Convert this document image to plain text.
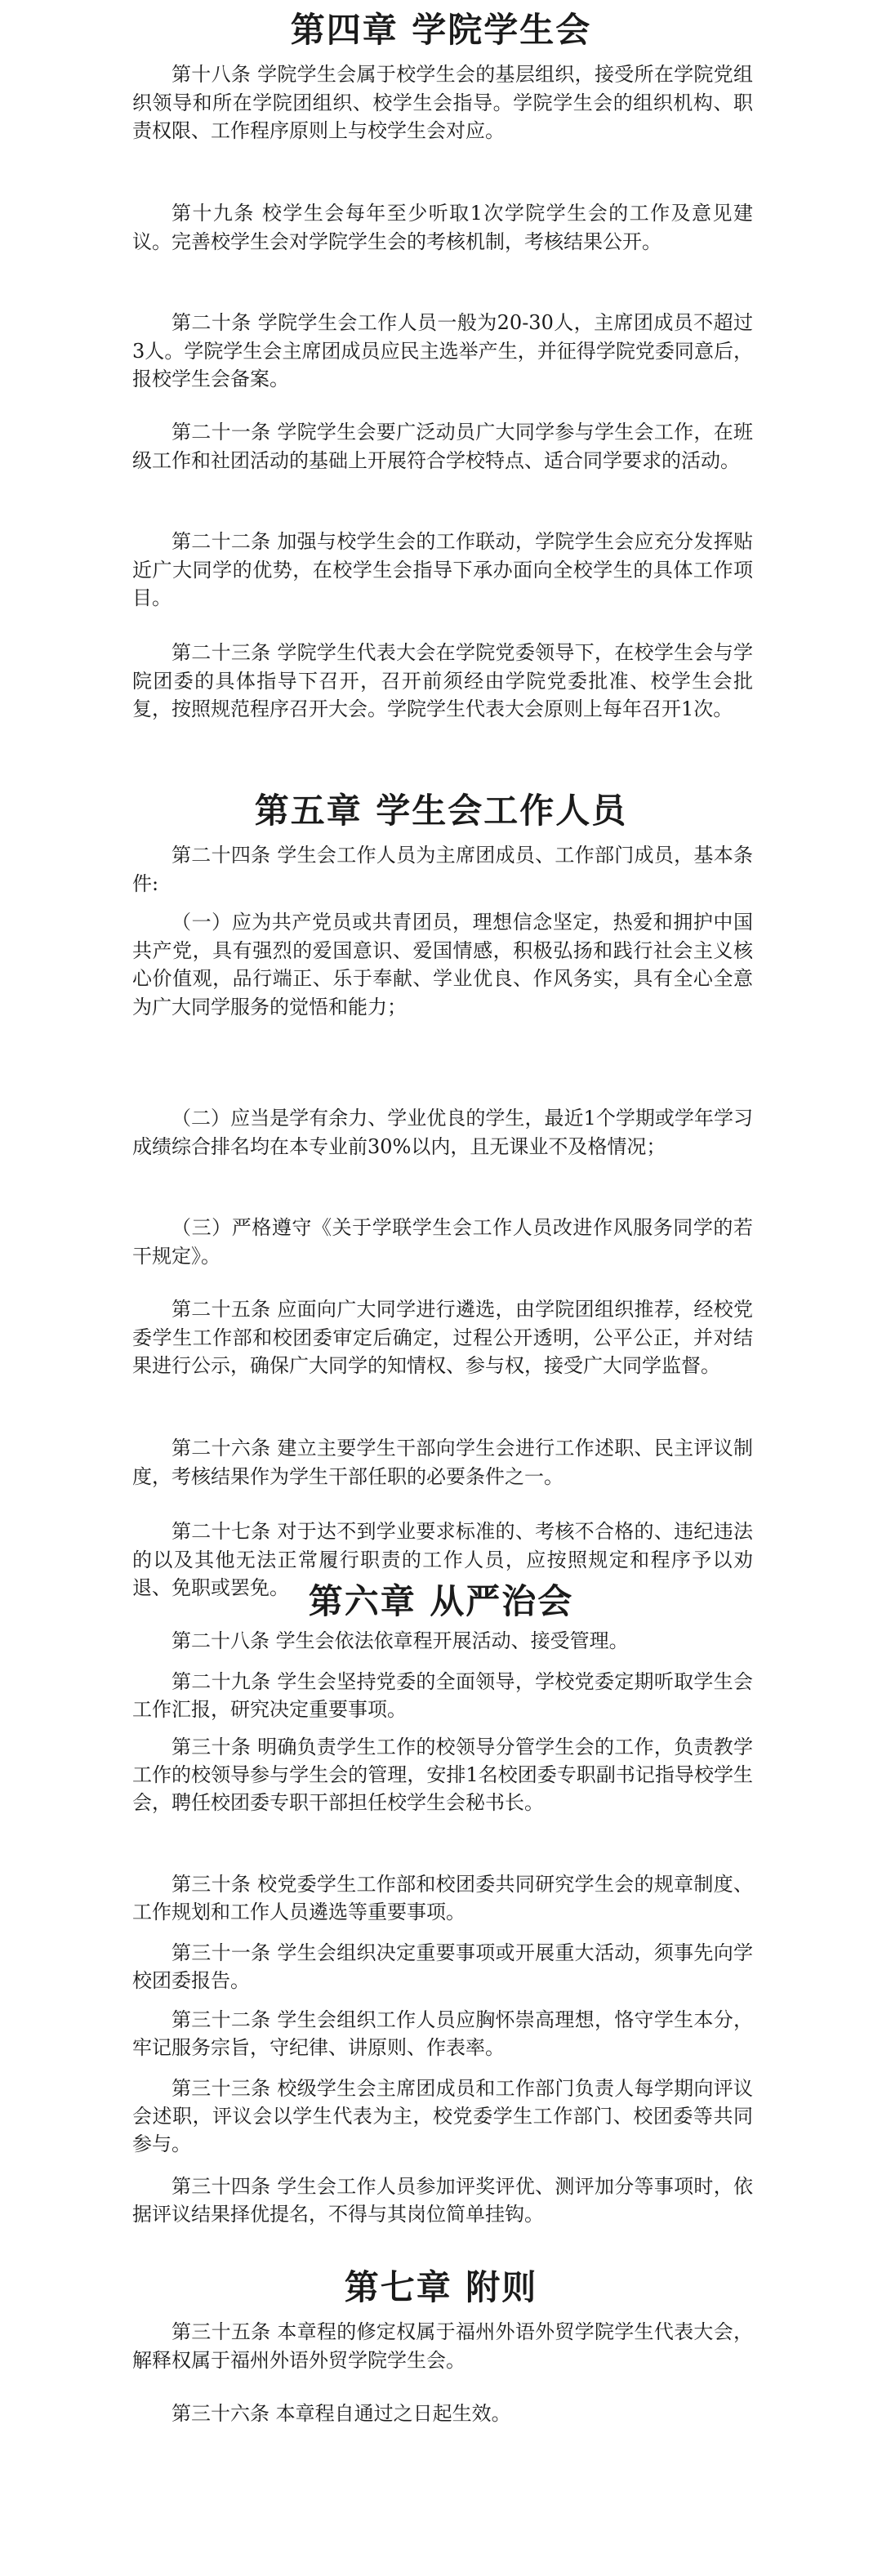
第四章 学院学生会

第十八条 学院学生会属于校学生会的基层组织，接受所在学院党组织领导和所在学院团组织、校学生会指导。学院学生会的组织机构、职责权限、工作程序原则上与校学生会对应。

第十九条 校学生会每年至少听取1次学院学生会的工作及意见建议。完善校学生会对学院学生会的考核机制，考核结果公开。

第二十条 学院学生会工作人员一般为20-30人，主席团成员不超过3人。学院学生会主席团成员应民主选举产生，并征得学院党委同意后，报校学生会备案。

第二十一条 学院学生会要广泛动员广大同学参与学生会工作，在班级工作和社团活动的基础上开展符合学校特点、适合同学要求的活动。

第二十二条 加强与校学生会的工作联动，学院学生会应充分发挥贴近广大同学的优势，在校学生会指导下承办面向全校学生的具体工作项目。

第二十三条 学院学生代表大会在学院党委领导下，在校学生会与学院团委的具体指导下召开，召开前须经由学院党委批准、校学生会批复，按照规范程序召开大会。学院学生代表大会原则上每年召开1次。

第五章 学生会工作人员

第二十四条 学生会工作人员为主席团成员、工作部门成员，基本条件:

（一）应为共产党员或共青团员，理想信念坚定，热爱和拥护中国共产党，具有强烈的爱国意识、爱国情感，积极弘扬和践行社会主义核心价值观，品行端正、乐于奉献、学业优良、作风务实，具有全心全意为广大同学服务的觉悟和能力；

（二）应当是学有余力、学业优良的学生，最近1个学期或学年学习成绩综合排名均在本专业前30%以内，且无课业不及格情况；

（三）严格遵守《关于学联学生会工作人员改进作风服务同学的若干规定》。

第二十五条 应面向广大同学进行遴选，由学院团组织推荐，经校党委学生工作部和校团委审定后确定，过程公开透明，公平公正，并对结果进行公示，确保广大同学的知情权、参与权，接受广大同学监督。

第二十六条 建立主要学生干部向学生会进行工作述职、民主评议制度，考核结果作为学生干部任职的必要条件之一。

第二十七条 对于达不到学业要求标准的、考核不合格的、违纪违法的以及其他无法正常履行职责的工作人员，应按照规定和程序予以劝退、免职或罢免。 第六章 从严治会

第二十八条 学生会依法依章程开展活动、接受管理。

第二十九条 学生会坚持党委的全面领导，学校党委定期听取学生会工作汇报，研究决定重要事项。

第三十条 明确负责学生工作的校领导分管学生会的工作，负责教学工作的校领导参与学生会的管理，安排1名校团委专职副书记指导校学生会，聘任校团委专职干部担任校学生会秘书长。

第三十条 校党委学生工作部和校团委共同研究学生会的规章制度、工作规划和工作人员遴选等重要事项。

第三十一条 学生会组织决定重要事项或开展重大活动，须事先向学校团委报告。

第三十二条 学生会组织工作人员应胸怀崇高理想，恪守学生本分，牢记服务宗旨，守纪律、讲原则、作表率。

第三十三条 校级学生会主席团成员和工作部门负责人每学期向评议会述职，评议会以学生代表为主，校党委学生工作部门、校团委等共同参与。

第三十四条 学生会工作人员参加评奖评优、测评加分等事项时，依据评议结果择优提名，不得与其岗位简单挂钩。

第七章 附则

第三十五条 本章程的修定权属于福州外语外贸学院学生代表大会，解释权属于福州外语外贸学院学生会。

第三十六条 本章程自通过之日起生效。
